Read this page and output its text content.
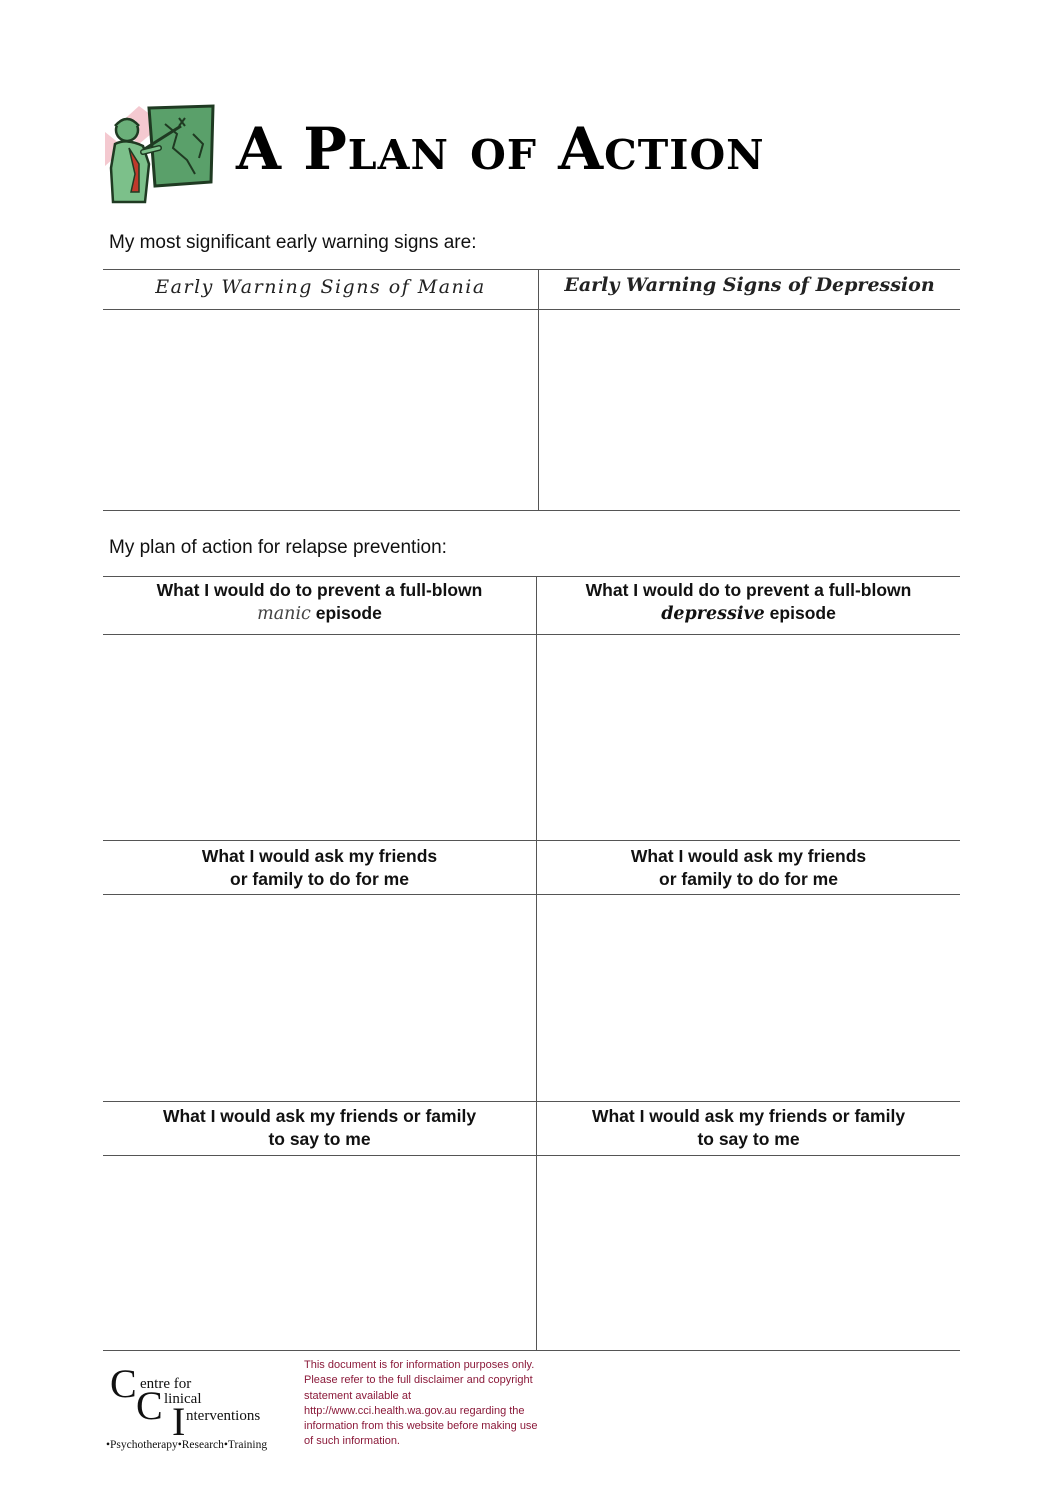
A Plan of Action
My most significant early warning signs are:
Early Warning Signs of Mania	Early Warning Signs of Depression
My plan of action for relapse prevention:
What I would do to prevent a full-blown
manic episode
What I would do to prevent a full-blown
depressive episode
What I would ask my friends
or family to do for me
What I would ask my friends
or family to do for me
What I would ask my friends or family
to say to me
What I would ask my friends or family
to say to me
C entre for
C linical
I nterventions
•Psychotherapy•Research•Training
This document is for information purposes only. Please refer to the full disclaimer and copyright statement available at http://www.cci.health.wa.gov.au regarding the information from this website before making use of such information.
